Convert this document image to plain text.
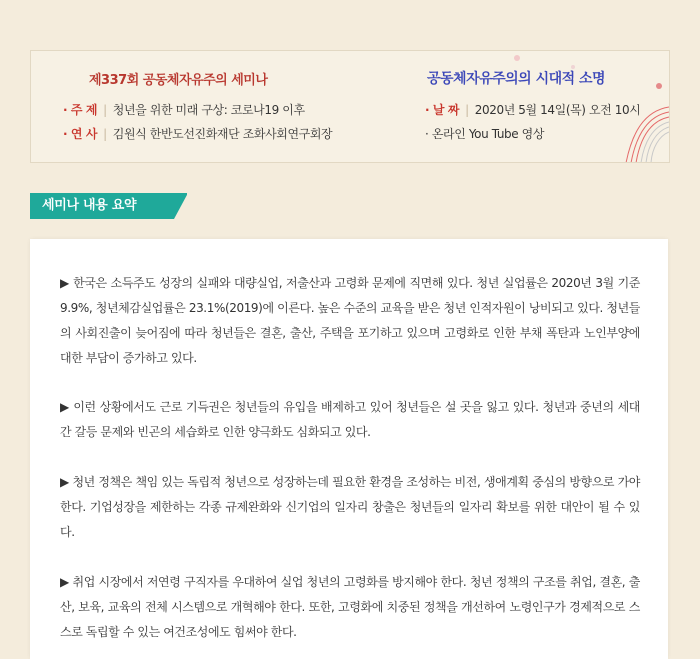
제337회 공동체자유주의 세미나	공동체자유주의의 시대적 소명
· 주 제 | 청년을 위한 미래 구상: 코로나19 이후
· 연 사 | 김원식 한반도선진화재단 조화사회연구회장
· 날 짜 | 2020년 5월 14일(목) 오전 10시
· 온라인 You Tube 영상
세미나 내용 요약

▶ 한국은 소득주도 성장의 실패와 대량실업, 저출산과 고령화 문제에 직면해 있다. 청년 실업률은 2020년 3월 기준 9.9%, 청년체감실업률은 23.1%(2019)에 이른다. 높은 수준의 교육을 받은 청년 인적자원이 낭비되고 있다. 청년들의 사회진출이 늦어짐에 따라 청년들은 결혼, 출산, 주택을 포기하고 있으며 고령화로 인한 부채 폭탄과 노인부양에 대한 부담이 증가하고 있다.

▶ 이런 상황에서도 근로 기득권은 청년들의 유입을 배제하고 있어 청년들은 설 곳을 잃고 있다. 청년과 중년의 세대 간 갈등 문제와 빈곤의 세습화로 인한 양극화도 심화되고 있다.

▶ 청년 정책은 책임 있는 독립적 청년으로 성장하는데 필요한 환경을 조성하는 비전, 생애계획 중심의 방향으로 가야 한다. 기업성장을 제한하는 각종 규제완화와 신기업의 일자리 창출은 청년들의 일자리 확보를 위한 대안이 될 수 있다.

▶ 취업 시장에서 저연령 구직자를 우대하여 실업 청년의 고령화를 방지해야 한다. 청년 정책의 구조를 취업, 결혼, 출산, 보육, 교육의 전체 시스템으로 개혁해야 한다. 또한, 고령화에 치중된 정책을 개선하여 노령인구가 경제적으로 스스로 독립할 수 있는 여건조성에도 힘써야 한다.
